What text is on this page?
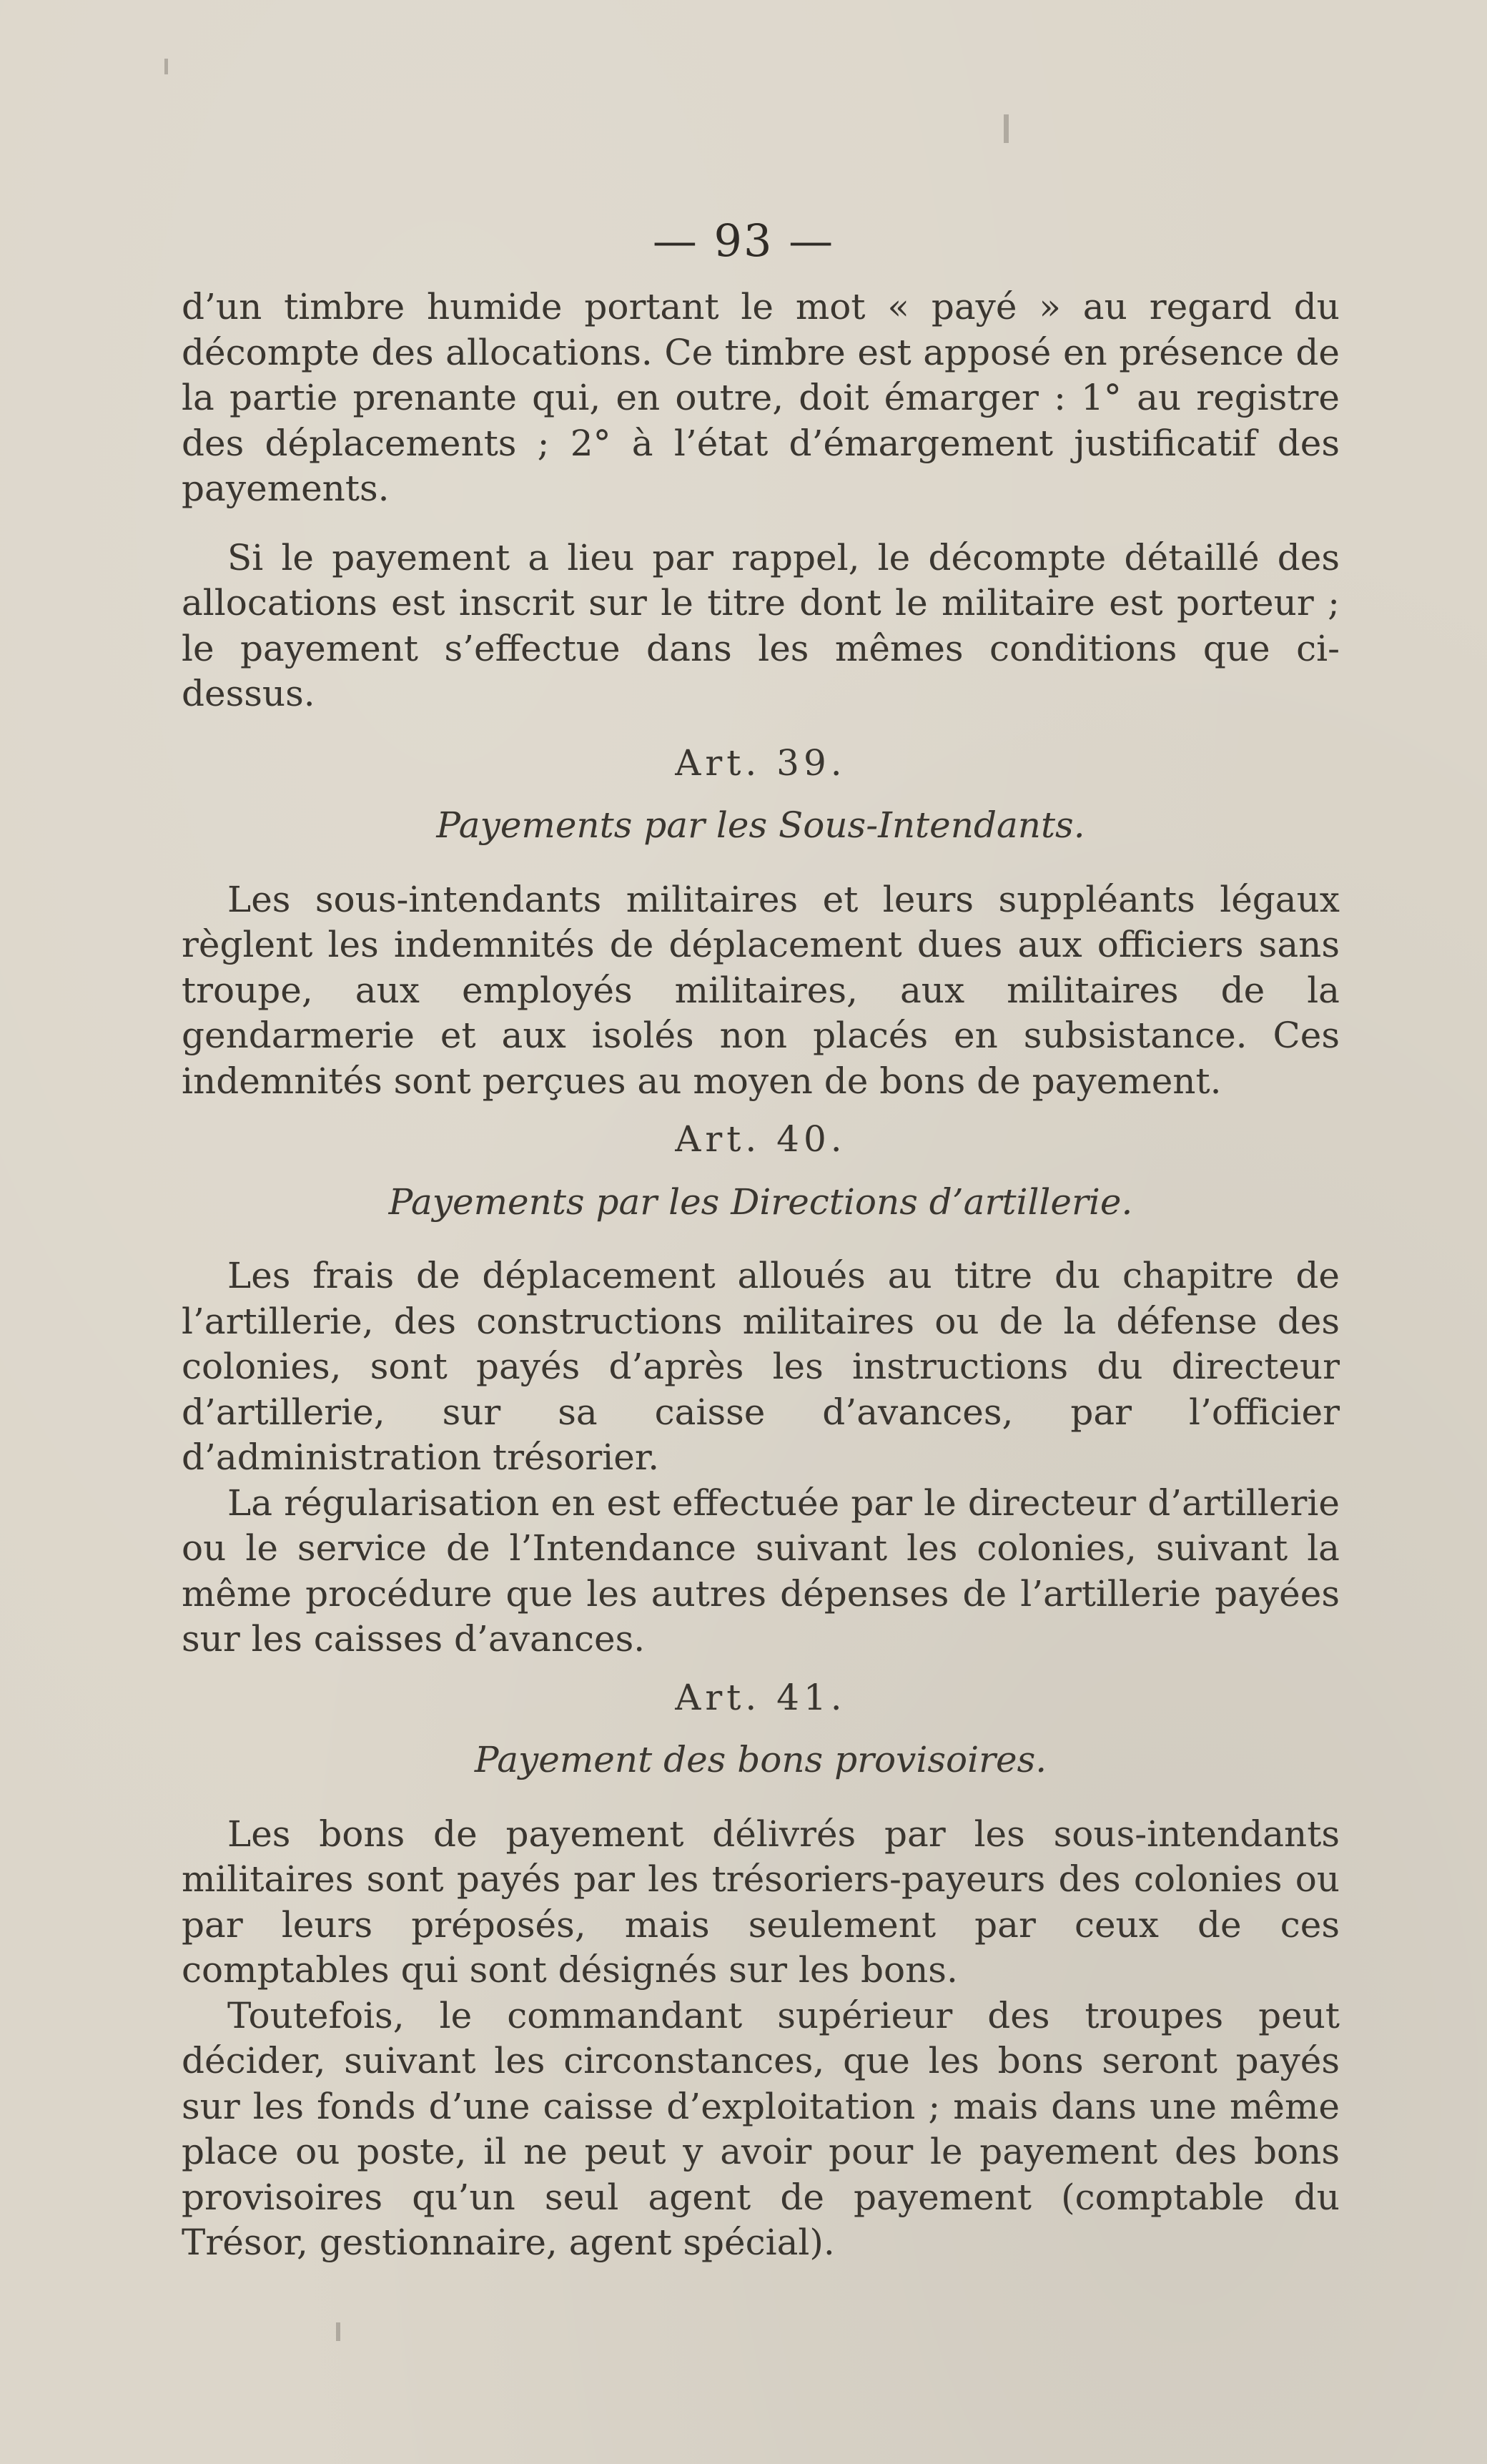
— 93 —

d’un timbre humide portant le mot « payé » au regard du décompte des allocations. Ce timbre est apposé en présence de la partie prenante qui, en outre, doit émarger : 1° au registre des déplacements ; 2° à l’état d’émargement justificatif des payements.

Si le payement a lieu par rappel, le décompte détaillé des allocations est inscrit sur le titre dont le militaire est porteur ; le payement s’effectue dans les mêmes conditions que ci-dessus.

Art. 39.
Payements par les Sous-Intendants.

Les sous-intendants militaires et leurs suppléants légaux règlent les indemnités de déplacement dues aux officiers sans troupe, aux employés militaires, aux militaires de la gendarmerie et aux isolés non placés en subsistance. Ces indemnités sont perçues au moyen de bons de payement.

Art. 40.
Payements par les Directions d’artillerie.

Les frais de déplacement alloués au titre du chapitre de l’artillerie, des constructions militaires ou de la défense des colonies, sont payés d’après les instructions du directeur d’artillerie, sur sa caisse d’avances, par l’officier d’administration trésorier.

La régularisation en est effectuée par le directeur d’artillerie ou le service de l’Intendance suivant les colonies, suivant la même procédure que les autres dépenses de l’artillerie payées sur les caisses d’avances.

Art. 41.
Payement des bons provisoires.

Les bons de payement délivrés par les sous-intendants militaires sont payés par les trésoriers-payeurs des colonies ou par leurs préposés, mais seulement par ceux de ces comptables qui sont désignés sur les bons.

Toutefois, le commandant supérieur des troupes peut décider, suivant les circonstances, que les bons seront payés sur les fonds d’une caisse d’exploitation ; mais dans une même place ou poste, il ne peut y avoir pour le payement des bons provisoires qu’un seul agent de payement (comptable du Trésor, gestionnaire, agent spécial).
